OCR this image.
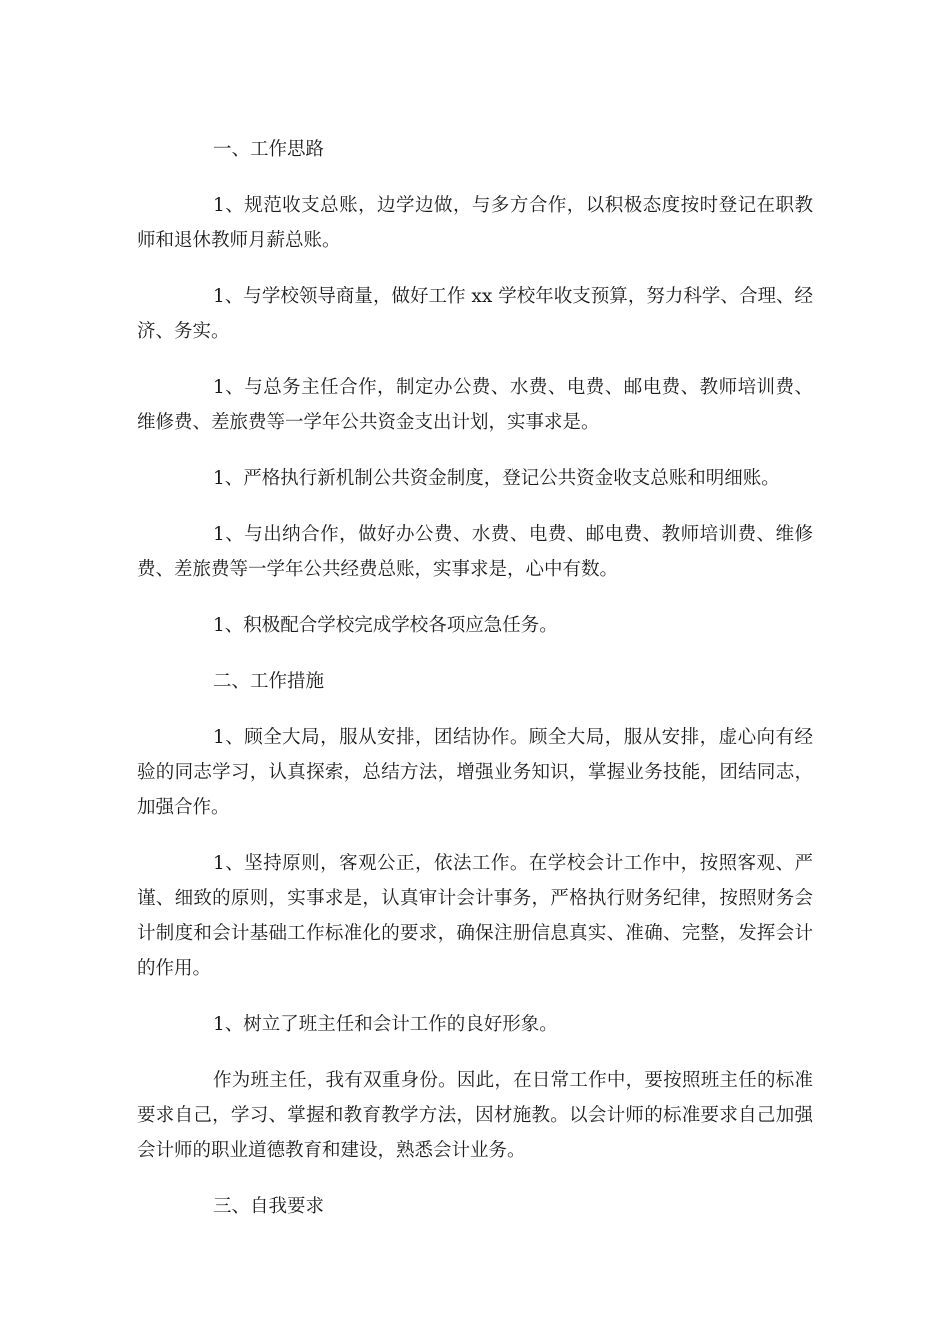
一、工作思路

1、规范收支总账，边学边做，与多方合作，以积极态度按时登记在职教师和退休教师月薪总账。

1、与学校领导商量，做好工作 xx 学校年收支预算，努力科学、合理、经济、务实。

1、与总务主任合作，制定办公费、水费、电费、邮电费、教师培训费、维修费、差旅费等一学年公共资金支出计划，实事求是。

1、严格执行新机制公共资金制度，登记公共资金收支总账和明细账。

1、与出纳合作，做好办公费、水费、电费、邮电费、教师培训费、维修费、差旅费等一学年公共经费总账，实事求是，心中有数。

1、积极配合学校完成学校各项应急任务。

二、工作措施

1、顾全大局，服从安排，团结协作。顾全大局，服从安排，虚心向有经验的同志学习，认真探索，总结方法，增强业务知识，掌握业务技能，团结同志，加强合作。

1、坚持原则，客观公正，依法工作。在学校会计工作中，按照客观、严谨、细致的原则，实事求是，认真审计会计事务，严格执行财务纪律，按照财务会计制度和会计基础工作标准化的要求，确保注册信息真实、准确、完整，发挥会计的作用。

1、树立了班主任和会计工作的良好形象。

作为班主任，我有双重身份。因此，在日常工作中，要按照班主任的标准要求自己，学习、掌握和教育教学方法，因材施教。以会计师的标准要求自己加强会计师的职业道德教育和建设，熟悉会计业务。

三、自我要求
